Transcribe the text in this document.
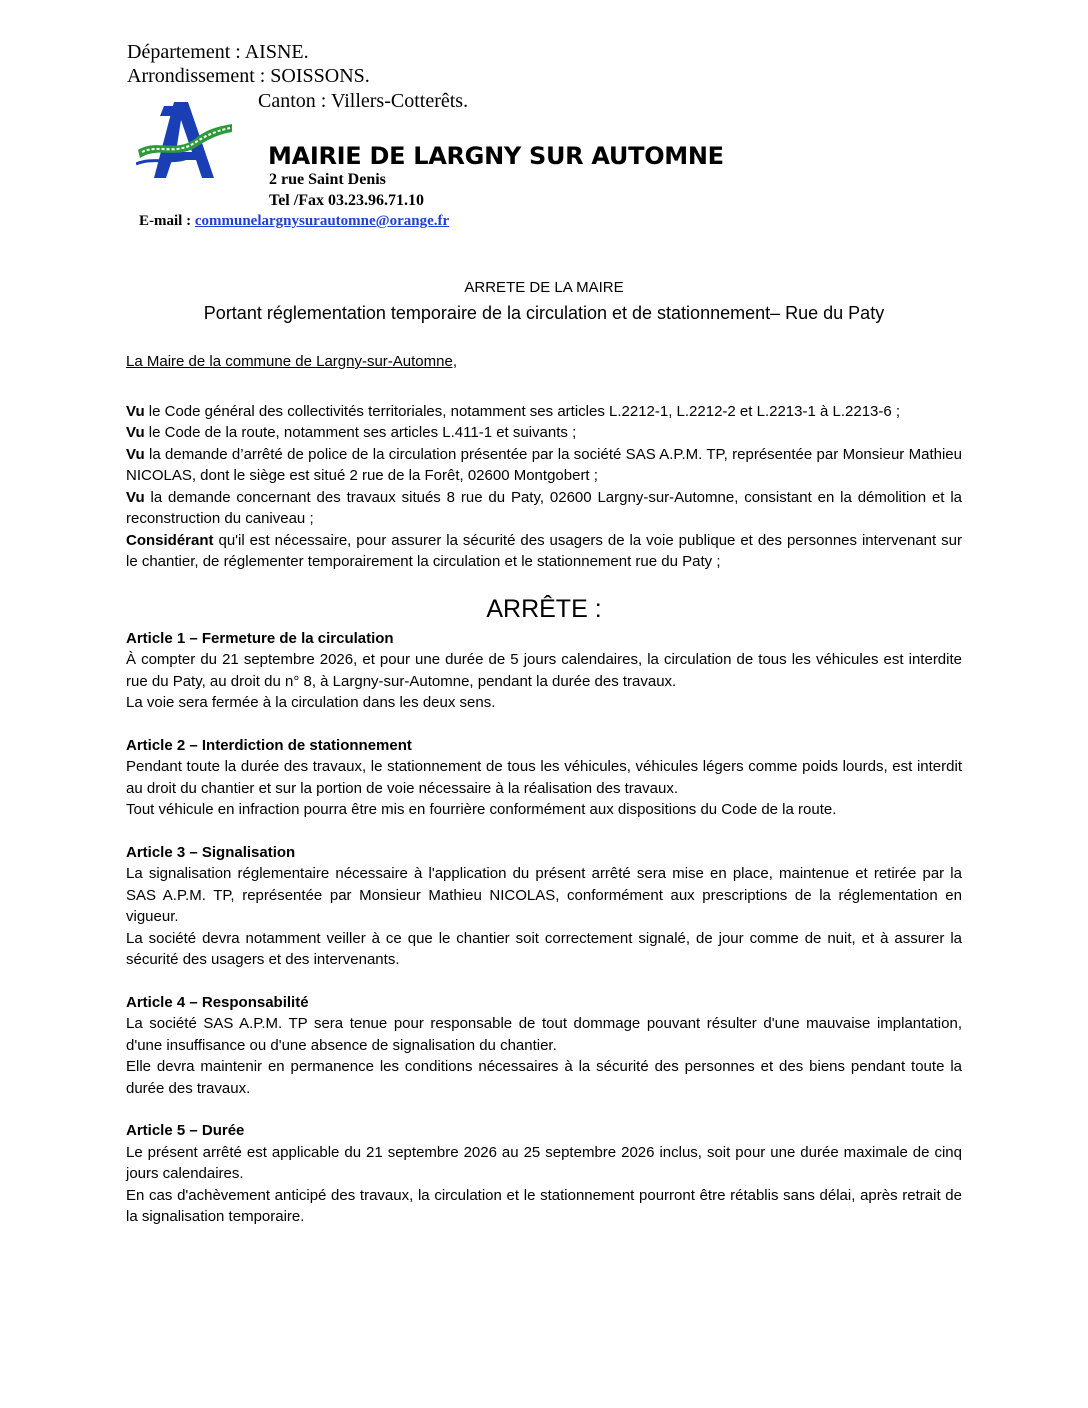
Département : AISNE.
Arrondissement : SOISSONS.
Canton : Villers-Cotterêts.
MAIRIE DE LARGNY SUR AUTOMNE
2 rue Saint Denis
Tel /Fax 03.23.96.71.10
E-mail : communelargnysurautomne@orange.fr
ARRETE DE LA MAIRE
Portant réglementation temporaire de la circulation et de stationnement– Rue du Paty
La Maire de la commune de Largny-sur-Automne,
Vu le Code général des collectivités territoriales, notamment ses articles L.2212-1, L.2212-2 et L.2213-1 à L.2213-6 ;
Vu le Code de la route, notamment ses articles L.411-1 et suivants ;
Vu la demande d’arrêté de police de la circulation présentée par la société SAS A.P.M. TP, représentée par Monsieur Mathieu NICOLAS, dont le siège est situé 2 rue de la Forêt, 02600 Montgobert ;
Vu la demande concernant des travaux situés 8 rue du Paty, 02600 Largny-sur-Automne, consistant en la démolition et la reconstruction du caniveau ;
Considérant qu'il est nécessaire, pour assurer la sécurité des usagers de la voie publique et des personnes intervenant sur le chantier, de réglementer temporairement la circulation et le stationnement rue du Paty ;
ARRÊTE :
Article 1 – Fermeture de la circulation
À compter du 21 septembre 2026, et pour une durée de 5 jours calendaires, la circulation de tous les véhicules est interdite rue du Paty, au droit du n° 8, à Largny-sur-Automne, pendant la durée des travaux.
La voie sera fermée à la circulation dans les deux sens.
Article 2 – Interdiction de stationnement
Pendant toute la durée des travaux, le stationnement de tous les véhicules, véhicules légers comme poids lourds, est interdit au droit du chantier et sur la portion de voie nécessaire à la réalisation des travaux.
Tout véhicule en infraction pourra être mis en fourrière conformément aux dispositions du Code de la route.
Article 3 – Signalisation
La signalisation réglementaire nécessaire à l'application du présent arrêté sera mise en place, maintenue et retirée par la SAS A.P.M. TP, représentée par Monsieur Mathieu NICOLAS, conformément aux prescriptions de la réglementation en vigueur.
La société devra notamment veiller à ce que le chantier soit correctement signalé, de jour comme de nuit, et à assurer la sécurité des usagers et des intervenants.
Article 4 – Responsabilité
La société SAS A.P.M. TP sera tenue pour responsable de tout dommage pouvant résulter d'une mauvaise implantation, d'une insuffisance ou d'une absence de signalisation du chantier.
Elle devra maintenir en permanence les conditions nécessaires à la sécurité des personnes et des biens pendant toute la durée des travaux.
Article 5 – Durée
Le présent arrêté est applicable du 21 septembre 2026 au 25 septembre 2026 inclus, soit pour une durée maximale de cinq jours calendaires.
En cas d'achèvement anticipé des travaux, la circulation et le stationnement pourront être rétablis sans délai, après retrait de la signalisation temporaire.
